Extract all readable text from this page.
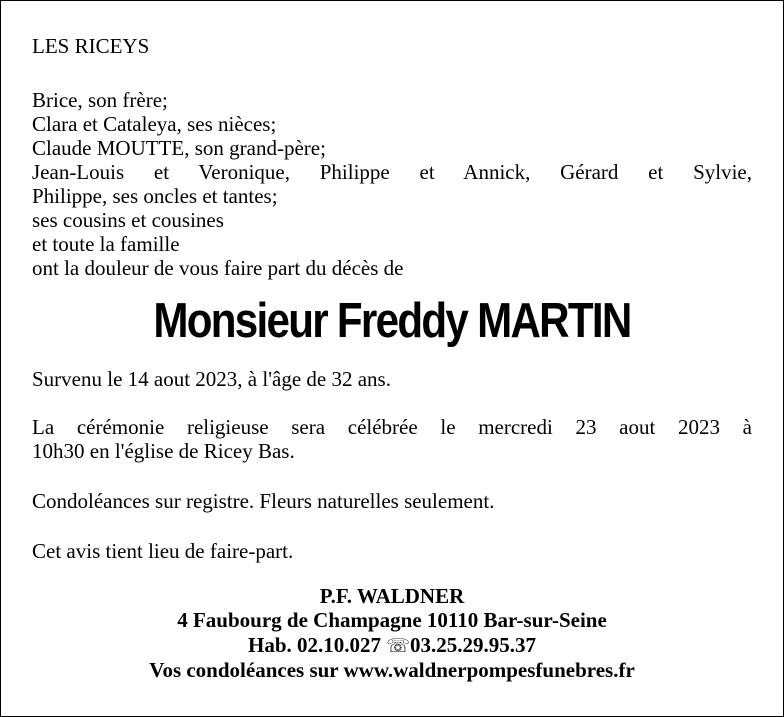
LES RICEYS
Brice, son frère;
Clara et Cataleya, ses nièces;
Claude MOUTTE, son grand-père;
Jean-Louis et Veronique, Philippe et Annick, Gérard et Sylvie,
Philippe, ses oncles et tantes;
ses cousins et cousines
et toute la famille
ont la douleur de vous faire part du décès de
Monsieur Freddy MARTIN
Survenu le 14 aout 2023, à l'âge de 32 ans.
La cérémonie religieuse sera célébrée le mercredi 23 aout 2023 à
10h30 en l'église de Ricey Bas.
Condoléances sur registre. Fleurs naturelles seulement.
Cet avis tient lieu de faire-part.
P.F. WALDNER
4 Faubourg de Champagne 10110 Bar-sur-Seine
Hab. 02.10.027 ☏03.25.29.95.37
Vos condoléances sur www.waldnerpompesfunebres.fr
